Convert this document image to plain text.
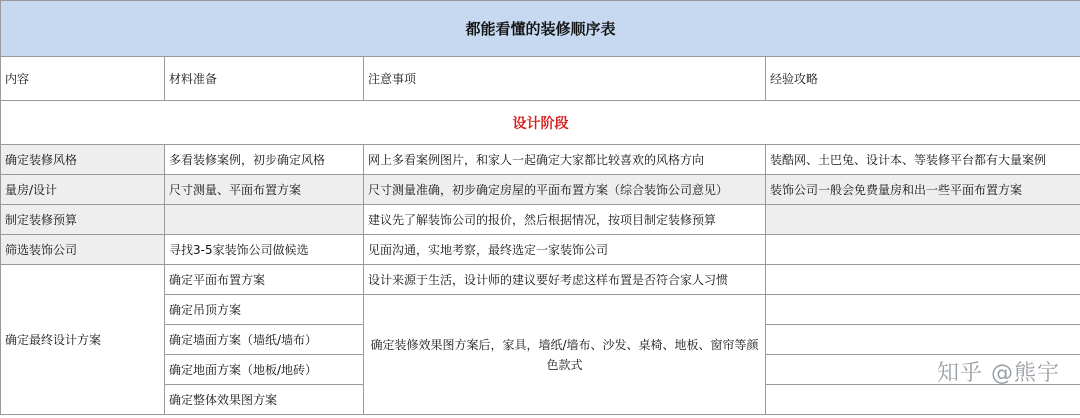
都能看懂的装修顺序表			
内容	材料准备	注意事项	经验攻略
设计阶段			
确定装修风格	多看装修案例，初步确定风格	网上多看案例图片，和家人一起确定大家都比较喜欢的风格方向	装酷网、土巴兔、设计本、等装修平台都有大量案例
量房/设计	尺寸测量、平面布置方案	尺寸测量准确，初步确定房屋的平面布置方案（综合装饰公司意见）	装饰公司一般会免费量房和出一些平面布置方案
制定装修预算		建议先了解装饰公司的报价，然后根据情况，按项目制定装修预算	
筛选装饰公司	寻找3-5家装饰公司做候选	见面沟通，实地考察，最终选定一家装饰公司	
确定最终设计方案	确定平面布置方案	设计来源于生活，设计师的建议要好考虑这样布置是否符合家人习惯	
	确定吊顶方案	确定装修效果图方案后，家具，墙纸/墙布、沙发、桌椅、地板、窗帘等颜色款式	
	确定墙面方案（墙纸/墙布）		
	确定地面方案（地板/地砖）		
	确定整体效果图方案		
知乎 @熊宇
